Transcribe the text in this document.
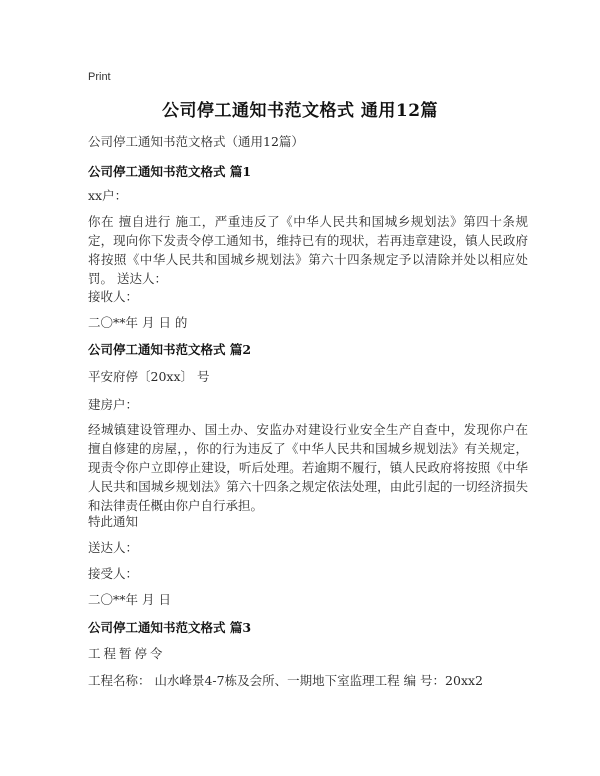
Print
公司停工通知书范文格式 通用12篇
公司停工通知书范文格式（通用12篇）
公司停工通知书范文格式 篇1
xx户：
你在 擅自进行 施工，严重违反了《中华人民共和国城乡规划法》第四十条规定，现向你下发责令停工通知书，维持已有的现状，若再违章建设，镇人民政府将按照《中华人民共和国城乡规划法》第六十四条规定予以清除并处以相应处罚。 送达人：
接收人：
二〇**年 月 日 的
公司停工通知书范文格式 篇2
平安府停〔20xx〕 号
建房户：
经城镇建设管理办、国土办、安监办对建设行业安全生产自查中，发现你户在 擅自修建的房屋，，你的行为违反了《中华人民共和国城乡规划法》有关规定，现责令你户立即停止建设，听后处理。若逾期不履行，镇人民政府将按照《中华人民共和国城乡规划法》第六十四条之规定依法处理，由此引起的一切经济损失和法律责任概由你户自行承担。
特此通知
送达人：
接受人：
二〇**年 月 日
公司停工通知书范文格式 篇3
工程暂停令
工程名称： 山水峰景4-7栋及会所、一期地下室监理工程 编 号：20xx2
